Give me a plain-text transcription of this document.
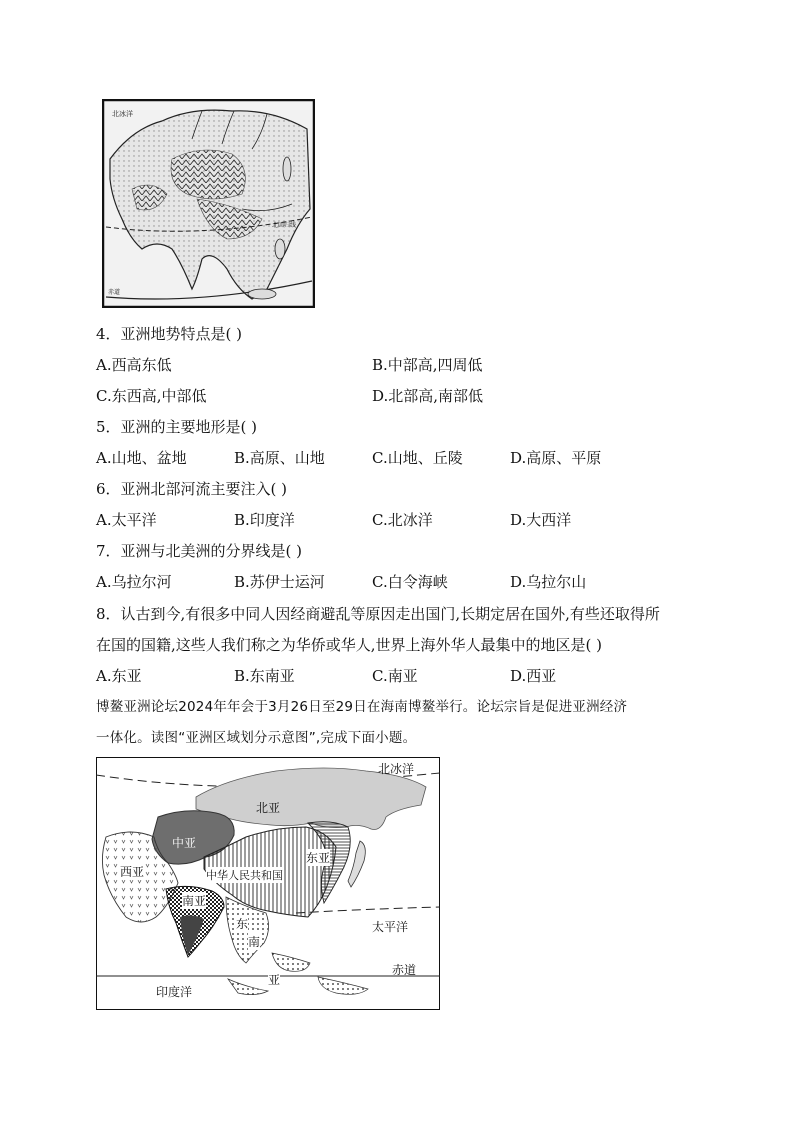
北冰洋
北回归线
赤道
4．亚洲地势特点是( )
A.西高东低	B.中部高,四周低
C.东西高,中部低	D.北部高,南部低
5．亚洲的主要地形是( )
A.山地、盆地	B.高原、山地	C.山地、丘陵	D.高原、平原
6．亚洲北部河流主要注入( )
A.太平洋	B.印度洋	C.北冰洋	D.大西洋
7．亚洲与北美洲的分界线是( )
A.乌拉尔河	B.苏伊士运河	C.白令海峡	D.乌拉尔山
8．认古到今,有很多中同人因经商避乱等原因走出国门,长期定居在国外,有些还取得所
在国的国籍,这些人我们称之为华侨或华人,世界上海外华人最集中的地区是( )
A.东亚	B.东南亚	C.南亚	D.西亚
博鳌亚洲论坛2024年年会于3月26日至29日在海南博鳌举行。论坛宗旨是促进亚洲经济
一体化。读图“亚洲区域划分示意图”,完成下面小题。
北冰洋
北亚
中亚
东亚
西亚	中华人民共和国
南亚
太平洋
东
南
亚
赤道
印度洋
